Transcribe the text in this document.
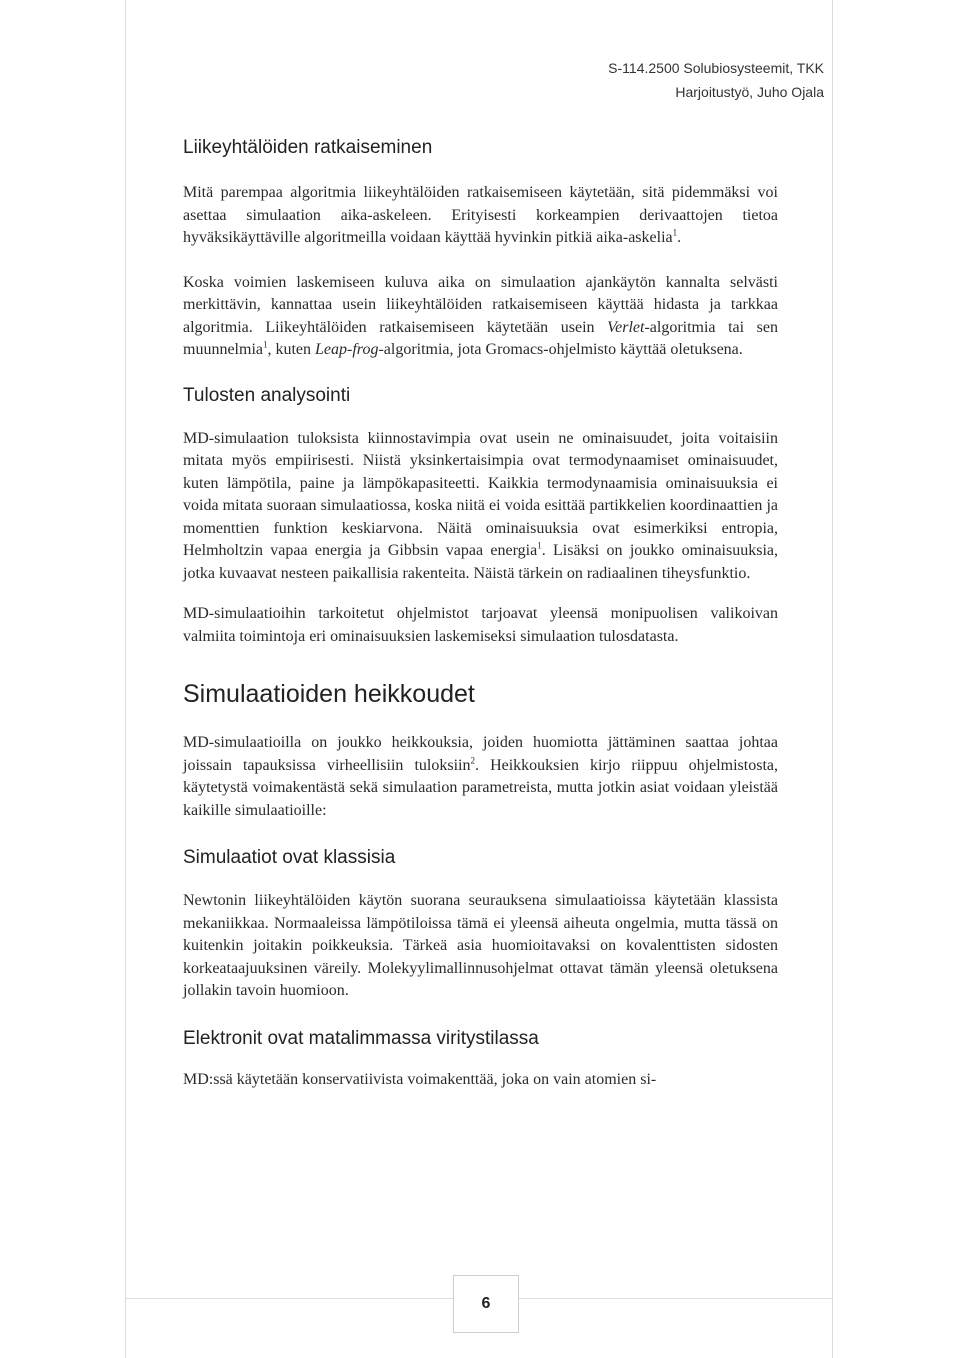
S-114.2500 Solubiosysteemit, TKK
Harjoitustyö, Juho Ojala
Liikeyhtälöiden ratkaiseminen

Mitä parempaa algoritmia liikeyhtälöiden ratkaisemiseen käytetään, sitä pidemmäksi voi asettaa simulaation aika-askeleen. Erityisesti korkeampien derivaattojen tietoa hyväksikäyttäville algoritmeilla voidaan käyttää hyvinkin pitkiä aika-askelia$^1$.

Koska voimien laskemiseen kuluva aika on simulaation ajankäytön kannalta selvästi merkittävin, kannattaa usein liikeyhtälöiden ratkaisemiseen käyttää hidasta ja tarkkaa algoritmia. Liikeyhtälöiden ratkaisemiseen käytetään usein Verlet-algoritmia tai sen muunnelmia$^1$, kuten Leap-frog-algoritmia, jota Gromacs-ohjelmisto käyttää oletuksena.

Tulosten analysointi

MD-simulaation tuloksista kiinnostavimpia ovat usein ne ominaisuudet, joita voitaisiin mitata myös empiirisesti. Niistä yksinkertaisimpia ovat termodynaamiset ominaisuudet, kuten lämpötila, paine ja lämpökapasiteetti. Kaikkia termodynaamisia ominaisuuksia ei voida mitata suoraan simulaatiossa, koska niitä ei voida esittää partikkelien koordinaattien ja momenttien funktion keskiarvona. Näitä ominaisuuksia ovat esimerkiksi entropia, Helmholtzin vapaa energia ja Gibbsin vapaa energia$^1$. Lisäksi on joukko ominaisuuksia, jotka kuvaavat nesteen paikallisia rakenteita. Näistä tärkein on radiaalinen tiheysfunktio.

MD-simulaatioihin tarkoitetut ohjelmistot tarjoavat yleensä monipuolisen valikoivan valmiita toimintoja eri ominaisuuksien laskemiseksi simulaation tulosdatasta.

Simulaatioiden heikkoudet

MD-simulaatioilla on joukko heikkouksia, joiden huomiotta jättäminen saattaa johtaa joissain tapauksissa virheellisiin tuloksiin$^2$. Heikkouksien kirjo riippuu ohjelmistosta, käytetystä voimakentästä sekä simulaation parametreista, mutta jotkin asiat voidaan yleistää kaikille simulaatioille:

Simulaatiot ovat klassisia

Newtonin liikeyhtälöiden käytön suorana seurauksena simulaatioissa käytetään klassista mekaniikkaa. Normaaleissa lämpötiloissa tämä ei yleensä aiheuta ongelmia, mutta tässä on kuitenkin joitakin poikkeuksia. Tärkeä asia huomioitavaksi on kovalenttisten sidosten korkeataajuuksinen väreily. Molekyylimallinnusohjelmat ottavat tämän yleensä oletuksena jollakin tavoin huomioon.

Elektronit ovat matalimmassa viritystilassa

MD:ssä käytetään konservatiivista voimakenttää, joka on vain atomien si-

6
